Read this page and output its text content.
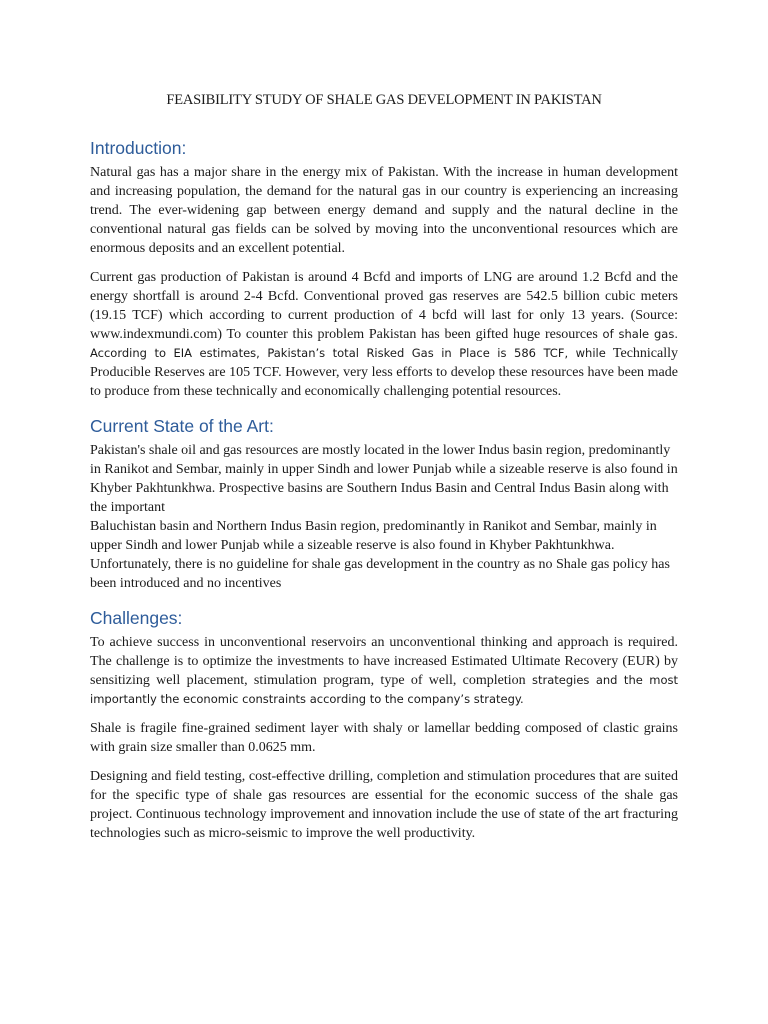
FEASIBILITY STUDY OF SHALE GAS DEVELOPMENT IN PAKISTAN
Introduction:

Natural gas has a major share in the energy mix of Pakistan. With the increase in human development and increasing population, the demand for the natural gas in our country is experiencing an increasing trend. The ever-widening gap between energy demand and supply and the natural decline in the conventional natural gas fields can be solved by moving into the unconventional resources which are enormous deposits and an excellent potential.

Current gas production of Pakistan is around 4 Bcfd and imports of LNG are around 1.2 Bcfd and the energy shortfall is around 2-4 Bcfd. Conventional proved gas reserves are 542.5 billion cubic meters (19.15 TCF) which according to current production of 4 bcfd will last for only 13 years. (Source: www.indexmundi.com) To counter this problem Pakistan has been gifted huge resources of shale gas. According to EIA estimates, Pakistan’s total Risked Gas in Place is 586 TCF, while Technically Producible Reserves are 105 TCF. However, very less efforts to develop these resources have been made to produce from these technically and economically challenging potential resources.

Current State of the Art:

Pakistan's shale oil and gas resources are mostly located in the lower Indus basin region, predominantly in Ranikot and Sembar, mainly in upper Sindh and lower Punjab while a sizeable reserve is also found in Khyber Pakhtunkhwa. Prospective basins are Southern Indus Basin and Central Indus Basin along with the important
Baluchistan basin and Northern Indus Basin region, predominantly in Ranikot and Sembar, mainly in upper Sindh and lower Punjab while a sizeable reserve is also found in Khyber Pakhtunkhwa. Unfortunately, there is no guideline for shale gas development in the country as no Shale gas policy has been introduced and no incentives

Challenges:

To achieve success in unconventional reservoirs an unconventional thinking and approach is required. The challenge is to optimize the investments to have increased Estimated Ultimate Recovery (EUR) by sensitizing well placement, stimulation program, type of well, completion strategies and the most importantly the economic constraints according to the company’s strategy.

Shale is fragile fine-grained sediment layer with shaly or lamellar bedding composed of clastic grains with grain size smaller than 0.0625 mm.

Designing and field testing, cost-effective drilling, completion and stimulation procedures that are suited for the specific type of shale gas resources are essential for the economic success of the shale gas project. Continuous technology improvement and innovation include the use of state of the art fracturing technologies such as micro-seismic to improve the well productivity.
